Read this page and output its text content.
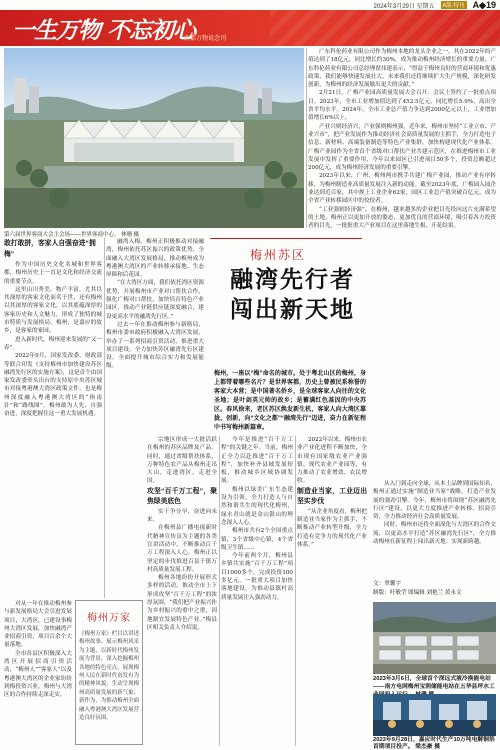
2024年3月29日 星期五	A版·特刊 A◆19
一生万物 不忘初心
南都万物说念刊
第六届世界客商大会主会场——世界客商中心。 林珊 摄

敢打敢拼，客家人自强奋进“拥

梅”

作为中国历史文化名城和世界客都，梅州历史上一直是文化和经济交流的重要节点。

这里山川秀美、物产丰富，尤其以其深厚的客家文化而名于世，还有梅州以其深厚的客家文化，以其底蕴深厚的客家历史和人文魅力，形成了独特的城市特质与发展格局。梅州，是嘉应的故乡，是客家的家园。

进入新时代，梅州迎来发展的“又一春”。

2022年9月，国家发改委、财政部等联合印发《支持梅州市加快建设苏区融湾先行区的实施方案》，这是首个由国家发改委牵头出台的支持原中央苏区城市对接粤港澳大湾区政策文件，也是梅州深度融入粤港澳大湾区的“指南针”和“路线图”。梅州敢为人先、自强奋进，深度把握住这一重大发展机遇。

融湾入梅，梅州正积极推动对接融湾，梅州依托苏区振兴的政策优势，全面融入大湾区发展格局，推动梅州成为粤港澳大湾区的产业转移承接地、生态屏障和后花园。

“在大湾区方面，我们依托湾区资源优势，开展梅州市产业对口帮扶合作，强化广梅对口帮扶，加快培育特色产业园区，推动产业链供应链深度融合，建设更高水平的融湾先行区。”

过去一年在推动梅州参与新格局，梅州市委市政府积极融入大湾区发展，举办了一系列招商引资活动，推进重大项目建设，全力加快苏区融湾先行区建设，全面提升城市综合实力和发展能级。

对从一年在推动梅州参与新发展格局大会引进发展项目，大湾区，已建设事梅州大湾区发展，加快融湾产业招商引资，项目百余个大量落地。

全市各县区积极深入大湾区开展招商引资活动，“梅州人”“客家人”以及粤港澳大湾区的企业家纷纷到梅投资兴业，梅州与大湾区的合作持续走深走实。

梅州万家
《梅州万家》栏目以讲述梅州故事、展示梅州风采为主题，以新时代梅州发展为背景，深入挖掘梅州各地的特色亮点，展现梅州人民在新时代奋发有为的精神风貌，生动呈现梅州高质量发展的新气象、新作为，为推动梅州全面融入粤港澳大湾区发展营造良好氛围。
梅州苏区
融湾先行者 闯出新天地
梅州，一座以“梅”命名的城市。处于粤北山区的梅州，身上都带着哪些名片？是世界客都，历史上曾被民系称誉的客家大本营；是中国著名侨乡，是全球客家人向往的文化圣地；是叶剑英元帅的故乡；是蓄满红色基因的中央苏区。春风徐来，老区苏区焕发新生机，客家人向大湾区靠拢，创新，向“文化之都”“融湾先行”迈进，奋力在新征程中书写梅州新篇章。

宗地区形成一大批活跃在梅州的苏区品牌及产品。同时，通过省级帮扶体系，万种特色农产品从梅州走出大山，走进湾区，走进全国。

攻坚“百千万工程”，聚焦绿美底色

实干争分早，奋进向未来。

在梅州县广播电视新时代精神宣传员为主题的各类宣讲活动中，不断推动百千万工程深入人心，梅州正以坚定的步伐推进百县千镇万村高质量发展工程。

梅州各地纷纷开展形式多样的活动，推动全市上下形成攻坚“百千万工程”的浓厚氛围。“我们把产业振兴作为乡村振兴的重中之重，因地制宜发展特色产业。”梅县区相关负责人介绍说。

今年是推进“百千万工程”的关键之年。当前，梅州正全力以赴推进“百千万工程”，加快补齐县域发展短板，推动城乡区域协调发展。

梅州以绿美广东生态建设为引领，全力打造人与自然和谐共生的现代化梅州，绿水青山就是金山银山的理念深入人心。

梅州市共有2个全国重点镇，3个省级中心镇，4个省级卫生镇……

今年前两个月，梅州县乡镇共实施“百千万工程”项目1000多个，完成投资100多亿元，一批重大项目加快落地建设，为推动县镇村高质量发展注入强劲动力。

2022年以来，梅州市农业产业化进程不断加快，全市现有国家级农业产业强镇、现代农业产业园等，有力推动了农业增效、农民增收。

制造业当家，工业迈出坚实步伐

“从企业角度看，梅州把制造业当家作为主抓手，不断推动产业转型升级，全力打造有竞争力的现代化产业体系。”

广东科伦药业有限公司作为梅州本地的龙头企业之一，其在2022年的产值达到了18亿元，同比增长约30%，成为推动梅州经济增长的重要力量。广东科伦药业有限公司总经理翟伟建表示，“得益于梅州良好的营商环境和优惠政策，我们能够快速发展壮大，未来我们还将继续扩大生产规模，深化研发创新，为梅州的经济发展做出更大的贡献。”

2月21日，广梅产业园高质量发展大会召开。会议上签约了一批重点项目。2023年，全市工业增加值达到了452.5亿元，同比增长5.9%，高出全省平均水平。2024年，全市工业总产值力争达到2000亿元以上，工业增加值增长6%以上。

产业兴则经济兴，产业强则梅州强。近年来，梅州市坚持“工业立市、产业兴市”，把产业发展作为推动经济社会高质量发展的主抓手，全力打造电子信息、新材料、高端装备制造等特色产业集群，加快构建现代化产业体系。广梅产业园作为全省首个省级对口帮扶产业共建示范区，在推进梅州市工业发展中发挥了重要作用，今年以来园区已引进项目50多个，投资总额超过200亿元，成为梅州经济发展的重要引擎。

2023年以来，广州、梅州两市携手共建广梅产业园，推动产业有序转移，为梅州制造业高质量发展注入新的动能。截至2023年底，广梅园入园企业达到近百家，其中规上工业企业62家，园区工业总产值突破百亿元，成为全省产业转移园区中的佼佼者。

“工业强则经济强”。在梅州，越来越多的企业把目光投向这片充满希望的土地。梅州正以更加开放的姿态、更加优良的营商环境，吸引着各方投资者的目光，一批批重大产业项目在这里落地生根、开花结果。

从入门到走向全球，从本土品牌到国际知名，梅州正通过实施“制造业当家”战略，打造产业发展的强劲引擎。今年，梅州市将围绕“苏区融湾先行区”建设，以更大力度推进产业转移、招商引资，全力推动经济社会高质量发展。

同时，梅州市还将全面深化与大湾区的合作交流，以更高水平打造“苏区融湾先行区”，全力推动梅州在新征程上闯出新天地、实现新跨越。

文：翠馨宇
制版：叶敏莹 图编辑 刘艳兰 黄永文
2023年3月6日，全球首个深远式液冷换能电站——南方电网梅州宝润储能电站在五华县坪水工
2023年9月28日，嘉应时代生产10万吨电解铜箔首期项目投产。 梁杰豪 摄
